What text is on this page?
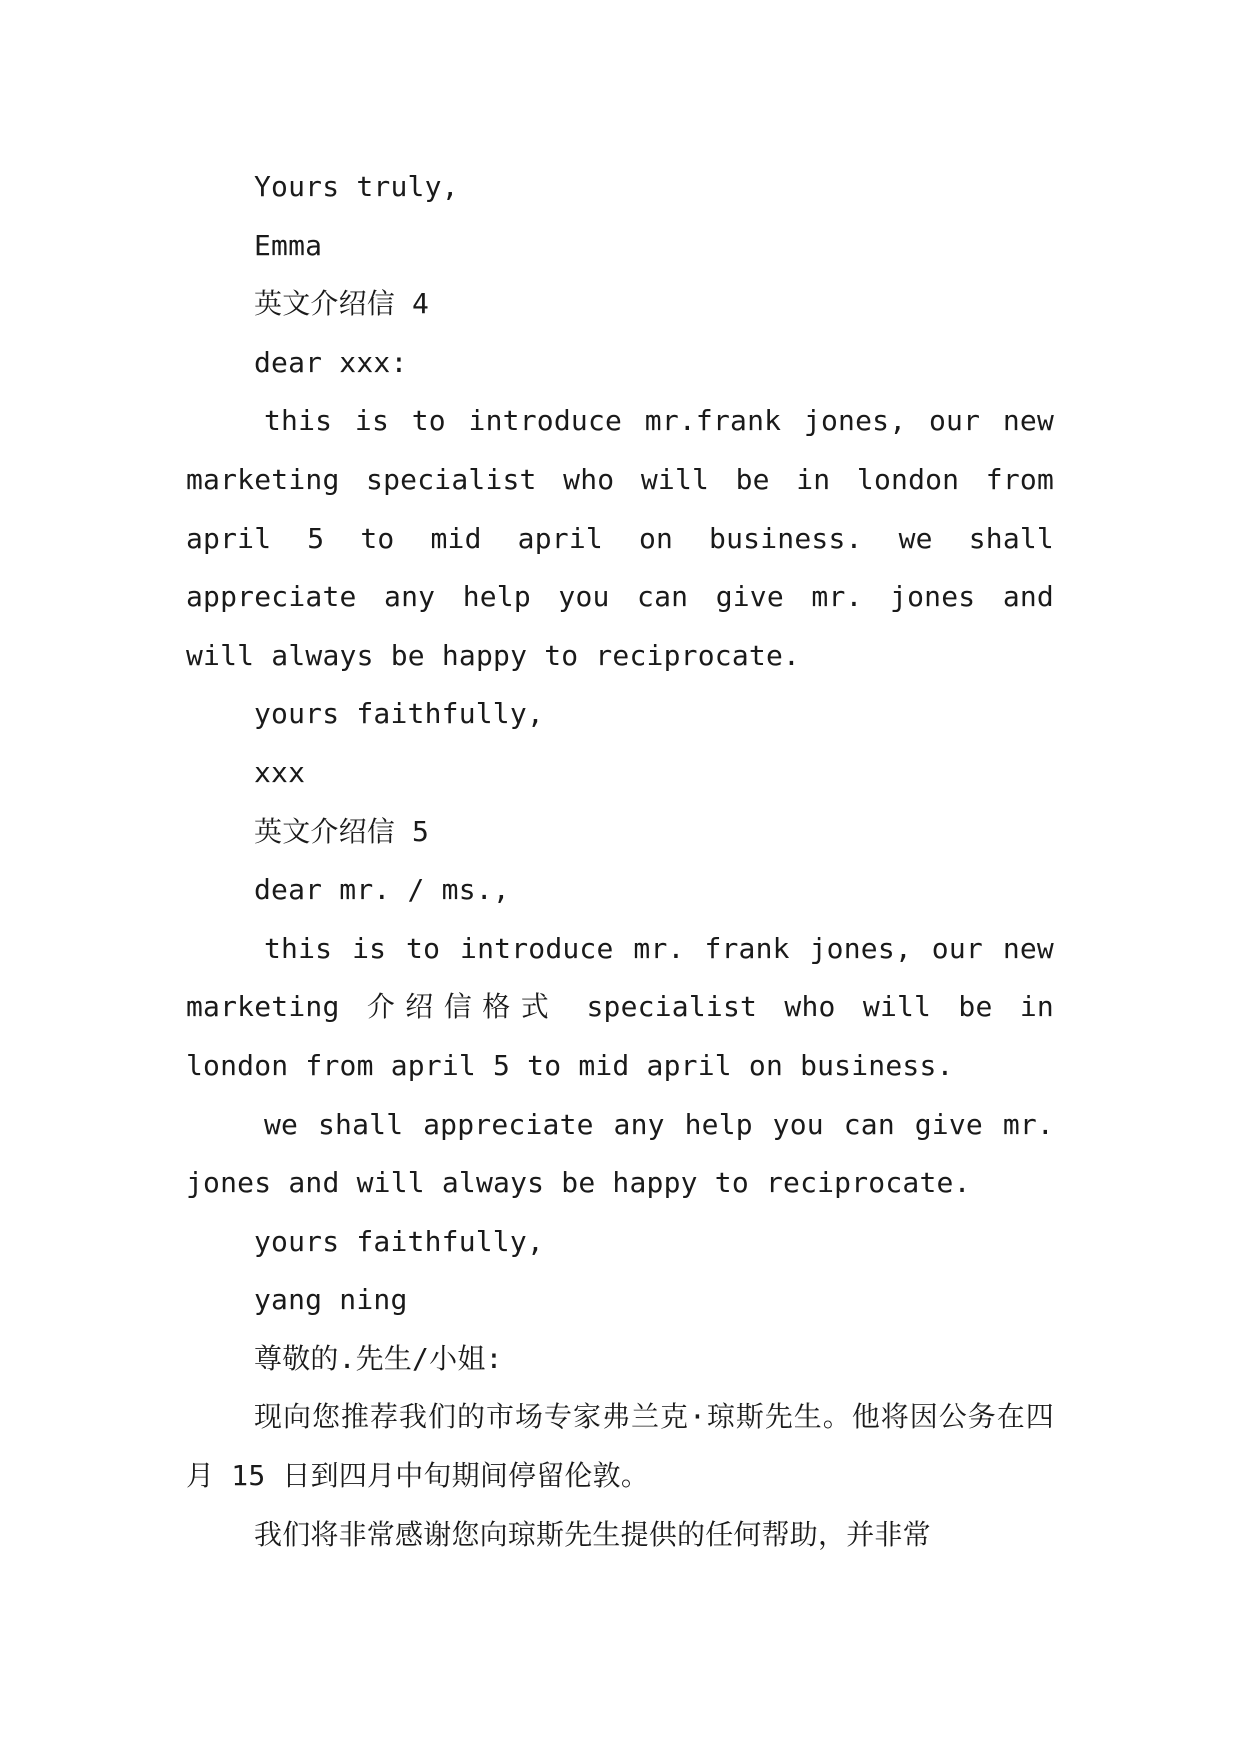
Yours truly,

Emma

英文介绍信 4

dear xxx:

this is to introduce mr.frank jones, our new marketing specialist who will be in london from april 5 to mid april on business. we shall appreciate any help you can give mr. jones and will always be happy to reciprocate.

yours faithfully,

xxx

英文介绍信 5

dear mr. / ms.,

this is to introduce mr. frank jones, our new marketing 介绍信格式 specialist who will be in london from april 5 to mid april on business.

we shall appreciate any help you can give mr. jones and will always be happy to reciprocate.

yours faithfully,

yang ning

尊敬的.先生/小姐:

现向您推荐我们的市场专家弗兰克·琼斯先生。他将因公务在四月 15 日到四月中旬期间停留伦敦。

我们将非常感谢您向琼斯先生提供的任何帮助，并非常
